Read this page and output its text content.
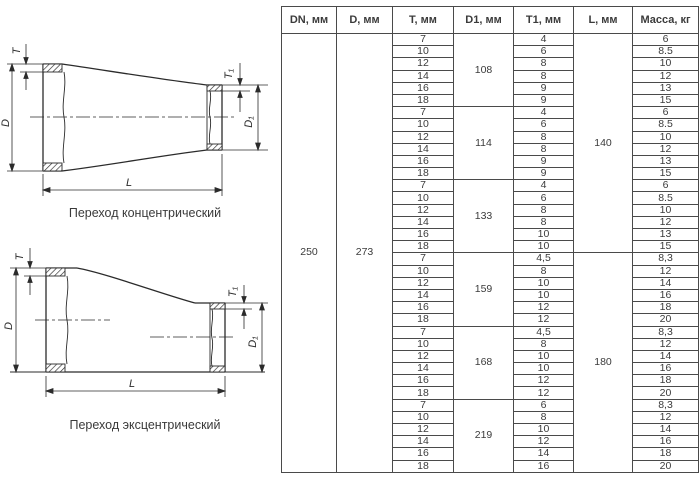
D
T
T₁
D₁
L
Переход концентрический
D
T
T₁
D₁
L
Переход эксцентрический
DN, мм	D, мм	T, мм	D1, мм	T1, мм	L, мм	Масса, кг
250	273	7	108	4	140	6
		10		6		8.5
		12		8		10
		14		8		12
		16		9		13
		18		9		15
		7	114	4		6
		10		6		8.5
		12		8		10
		14		8		12
		16		9		13
		18		9		15
		7	133	4		6
		10		6		8.5
		12		8		10
		14		8		12
		16		10		13
		18		10		15
		7	159	4,5	180	8,3
		10		8		12
		12		10		14
		14		10		16
		16		12		18
		18		12		20
		7	168	4,5		8,3
		10		8		12
		12		10		14
		14		10		16
		16		12		18
		18		12		20
		7	219	6		8,3
		10		8		12
		12		10		14
		14		12		16
		16		14		18
		18		16		20
